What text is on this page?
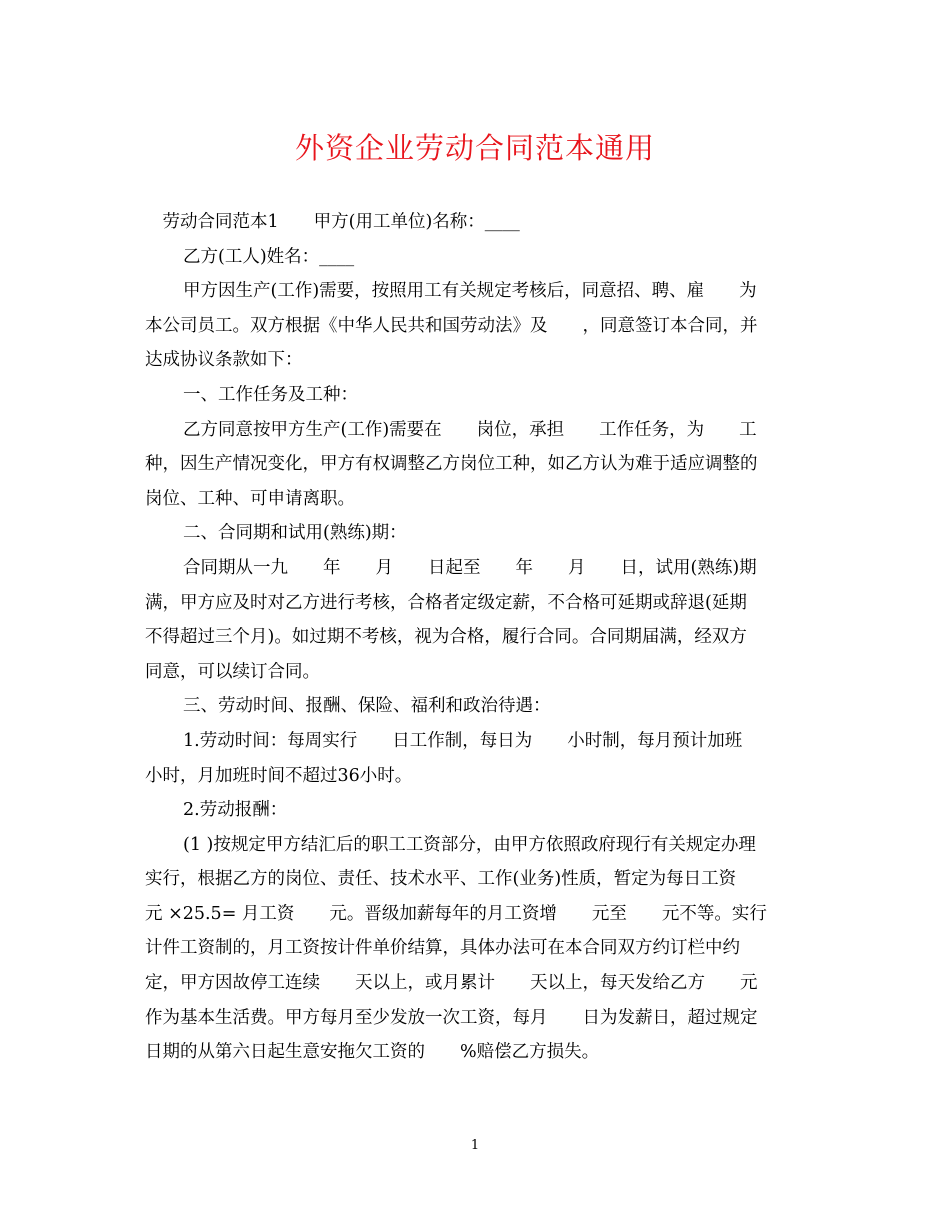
外资企业劳动合同范本通用
　劳动合同范本1　　甲方(用工单位)名称：____
乙方(工人)姓名：____
甲方因生产(工作)需要，按照用工有关规定考核后，同意招、聘、雇　　为
本公司员工。双方根据《中华人民共和国劳动法》及　　，同意签订本合同，并
达成协议条款如下：
一、工作任务及工种：
乙方同意按甲方生产(工作)需要在　　岗位，承担　　工作任务，为　　工
种，因生产情况变化，甲方有权调整乙方岗位工种，如乙方认为难于适应调整的
岗位、工种、可申请离职。
二、合同期和试用(熟练)期：
合同期从一九　　年　　月　　日起至　　年　　月　　日，试用(熟练)期
满，甲方应及时对乙方进行考核，合格者定级定薪，不合格可延期或辞退(延期
不得超过三个月)。如过期不考核，视为合格，履行合同。合同期届满，经双方
同意，可以续订合同。
三、劳动时间、报酬、保险、福利和政治待遇：
1.劳动时间：每周实行　　日工作制，每日为　　小时制，每月预计加班
小时，月加班时间不超过36小时。
2.劳动报酬：
(1 )按规定甲方结汇后的职工工资部分，由甲方依照政府现行有关规定办理
实行，根据乙方的岗位、责任、技术水平、工作(业务)性质，暂定为每日工资
元 ×25.5= 月工资　　元。晋级加薪每年的月工资增　　元至　　元不等。实行
计件工资制的，月工资按计件单价结算，具体办法可在本合同双方约订栏中约
定，甲方因故停工连续　　天以上，或月累计　　天以上，每天发给乙方　　元
作为基本生活费。甲方每月至少发放一次工资，每月　　日为发薪日，超过规定
日期的从第六日起生意安拖欠工资的　　%赔偿乙方损失。
1
